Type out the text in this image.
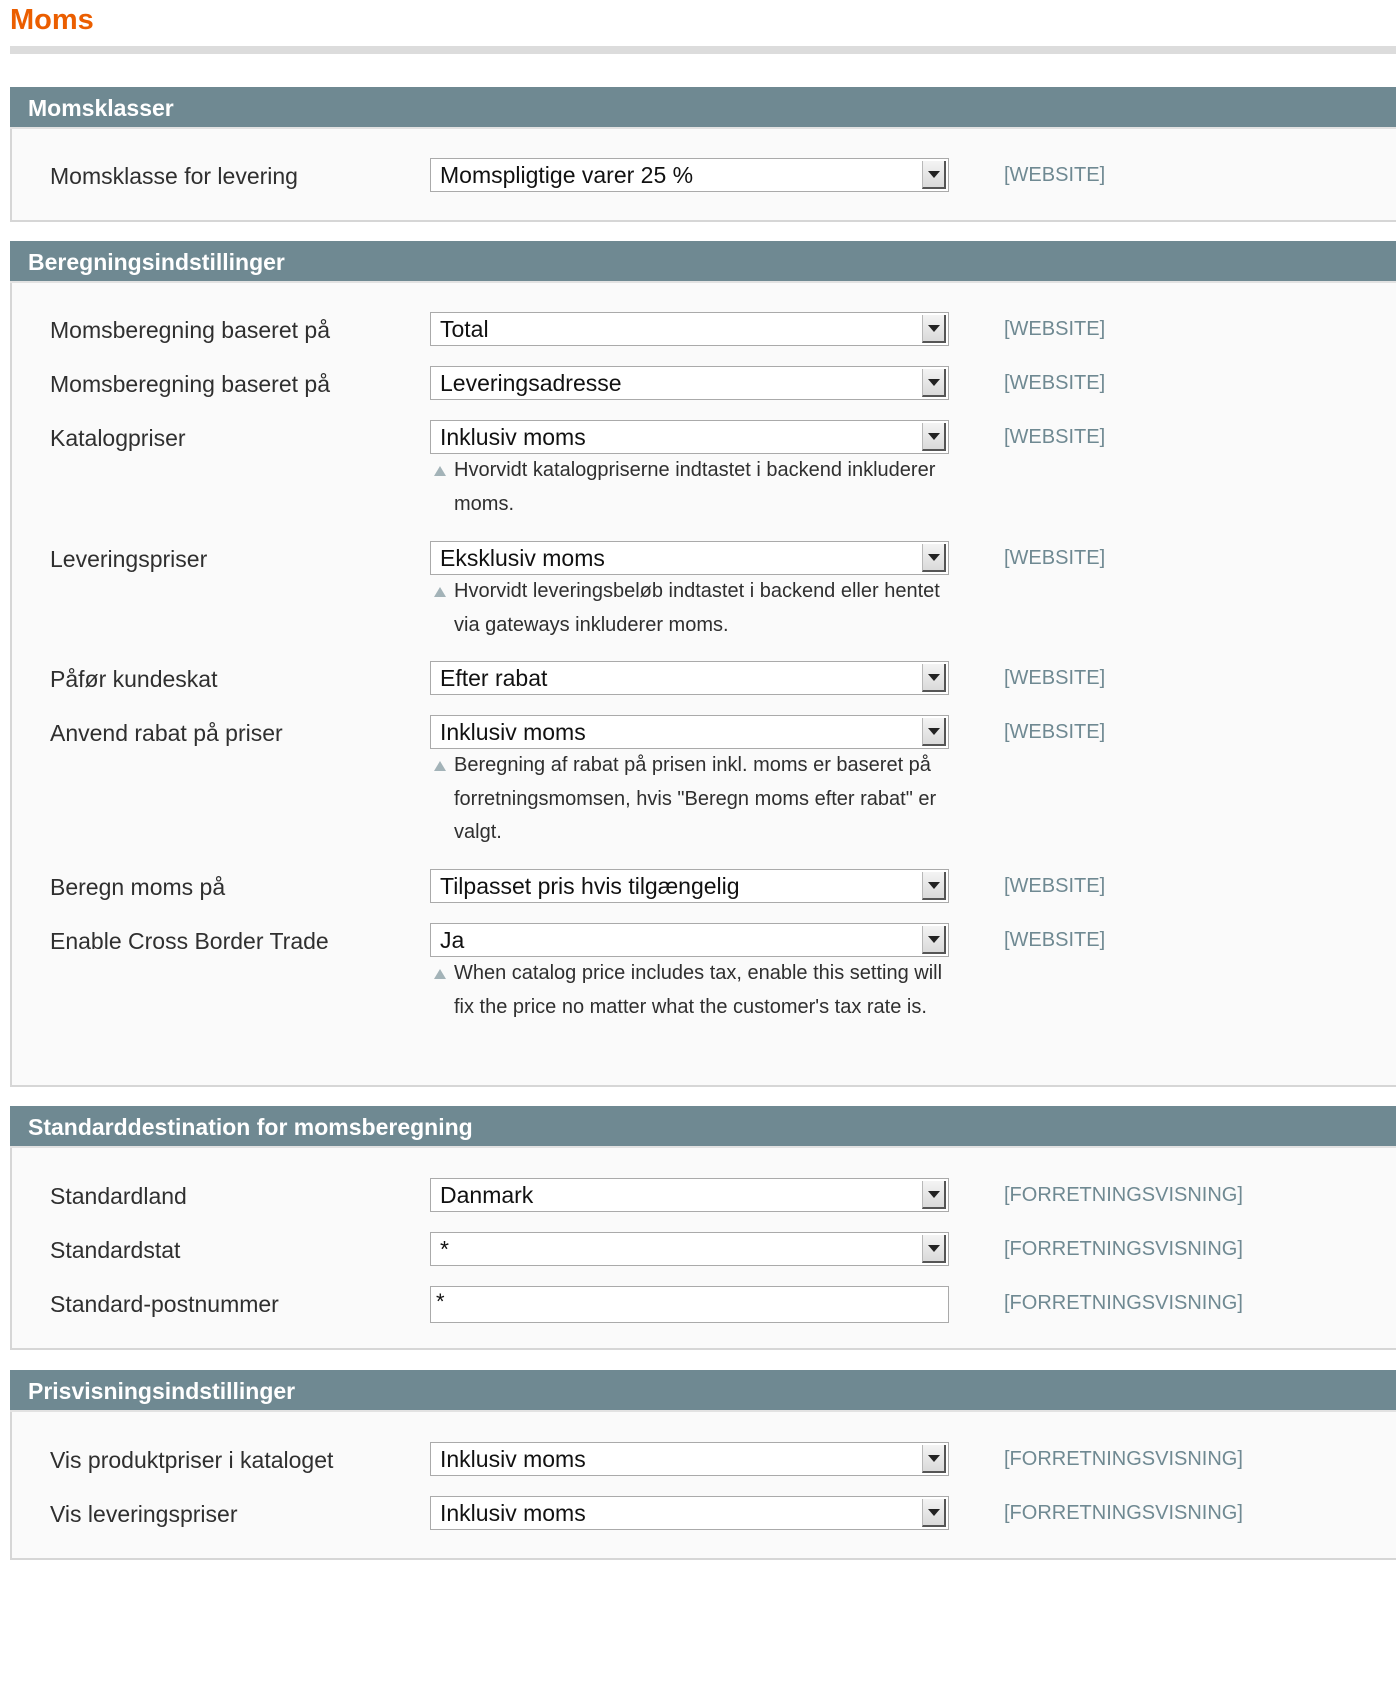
Moms
Momsklasser
Momsklasse for levering	Momspligtige varer 25 %	[WEBSITE]
Beregningsindstillinger
Momsberegning baseret på	Total	[WEBSITE]
Momsberegning baseret på	Leveringsadresse	[WEBSITE]
Katalogpriser	Inklusiv moms	[WEBSITE]
Hvorvidt katalogpriserne indtastet i backend inkluderer moms.
Leveringspriser	Eksklusiv moms	[WEBSITE]
Hvorvidt leveringsbeløb indtastet i backend eller hentet via gateways inkluderer moms.
Påfør kundeskat	Efter rabat	[WEBSITE]
Anvend rabat på priser	Inklusiv moms	[WEBSITE]
Beregning af rabat på prisen inkl. moms er baseret på forretningsmomsen, hvis "Beregn moms efter rabat" er valgt.
Beregn moms på	Tilpasset pris hvis tilgængelig	[WEBSITE]
Enable Cross Border Trade	Ja	[WEBSITE]
When catalog price includes tax, enable this setting will fix the price no matter what the customer's tax rate is.
Standarddestination for momsberegning
Standardland	Danmark	[FORRETNINGSVISNING]
Standardstat	*	[FORRETNINGSVISNING]
Standard-postnummer	*	[FORRETNINGSVISNING]
Prisvisningsindstillinger
Vis produktpriser i kataloget	Inklusiv moms	[FORRETNINGSVISNING]
Vis leveringspriser	Inklusiv moms	[FORRETNINGSVISNING]
